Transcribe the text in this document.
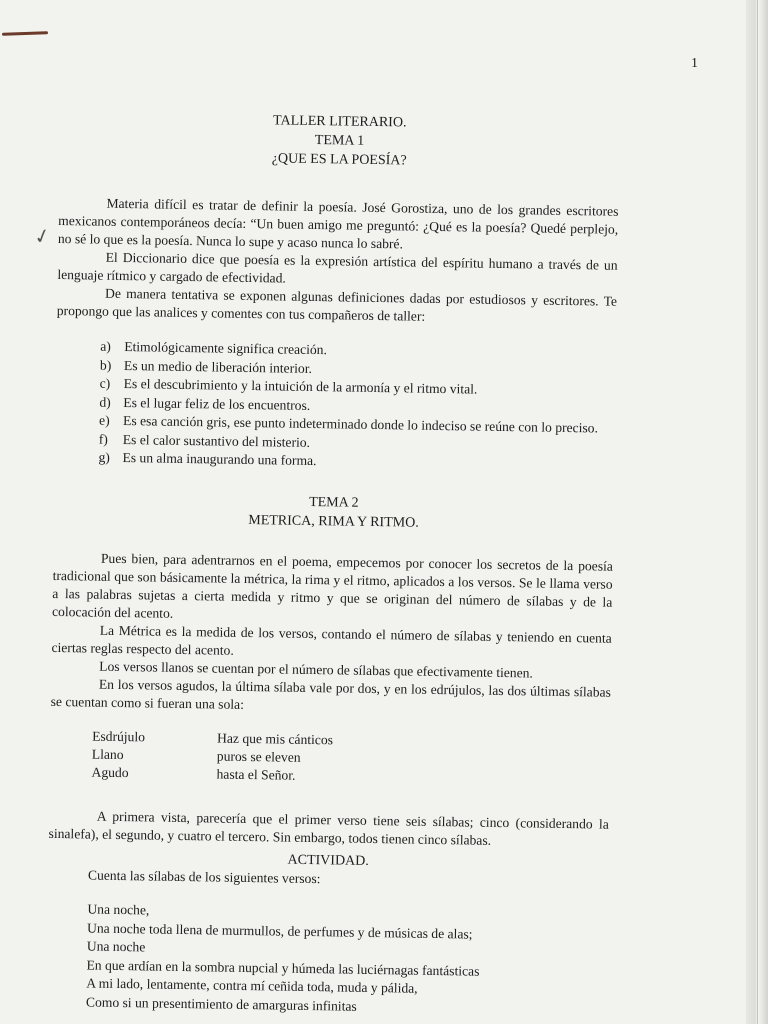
✓
1
TALLER LITERARIO.
TEMA 1
¿QUE ES LA POESÍA?

Materia difícil es tratar de definir la poesía. José Gorostiza, uno de los grandes escritores mexicanos contemporáneos decía: “Un buen amigo me preguntó: ¿Qué es la poesía? Quedé perplejo, no sé lo que es la poesía. Nunca lo supe y acaso nunca lo sabré.

El Diccionario dice que poesía es la expresión artística del espíritu humano a través de un lenguaje rítmico y cargado de efectividad.

De manera tentativa se exponen algunas definiciones dadas por estudiosos y escritores. Te propongo que las analices y comentes con tus compañeros de taller:

a) Etimológicamente significa creación.
b) Es un medio de liberación interior.
c) Es el descubrimiento y la intuición de la armonía y el ritmo vital.
d) Es el lugar feliz de los encuentros.
e) Es esa canción gris, ese punto indeterminado donde lo indeciso se reúne con lo preciso.
f) Es el calor sustantivo del misterio.
g) Es un alma inaugurando una forma.
TEMA 2
METRICA, RIMA Y RITMO.

Pues bien, para adentrarnos en el poema, empecemos por conocer los secretos de la poesía tradicional que son básicamente la métrica, la rima y el ritmo, aplicados a los versos. Se le llama verso a las palabras sujetas a cierta medida y ritmo y que se originan del número de sílabas y de la colocación del acento.

La Métrica es la medida de los versos, contando el número de sílabas y teniendo en cuenta ciertas reglas respecto del acento.

Los versos llanos se cuentan por el número de sílabas que efectivamente tienen.

En los versos agudos, la última sílaba vale por dos, y en los edrújulos, las dos últimas sílabas se cuentan como si fueran una sola:

Esdrújulo	Haz que mis cánticos
Llano	puros se eleven
Agudo	hasta el Señor.

A primera vista, parecería que el primer verso tiene seis sílabas; cinco (considerando la sinalefa), el segundo, y cuatro el tercero. Sin embargo, todos tienen cinco sílabas.

ACTIVIDAD.
Cuenta las sílabas de los siguientes versos:
Una noche,
Una noche toda llena de murmullos, de perfumes y de músicas de alas;
Una noche
En que ardían en la sombra nupcial y húmeda las luciérnagas fantásticas
A mi lado, lentamente, contra mí ceñida toda, muda y pálida,
Como si un presentimiento de amarguras infinitas
